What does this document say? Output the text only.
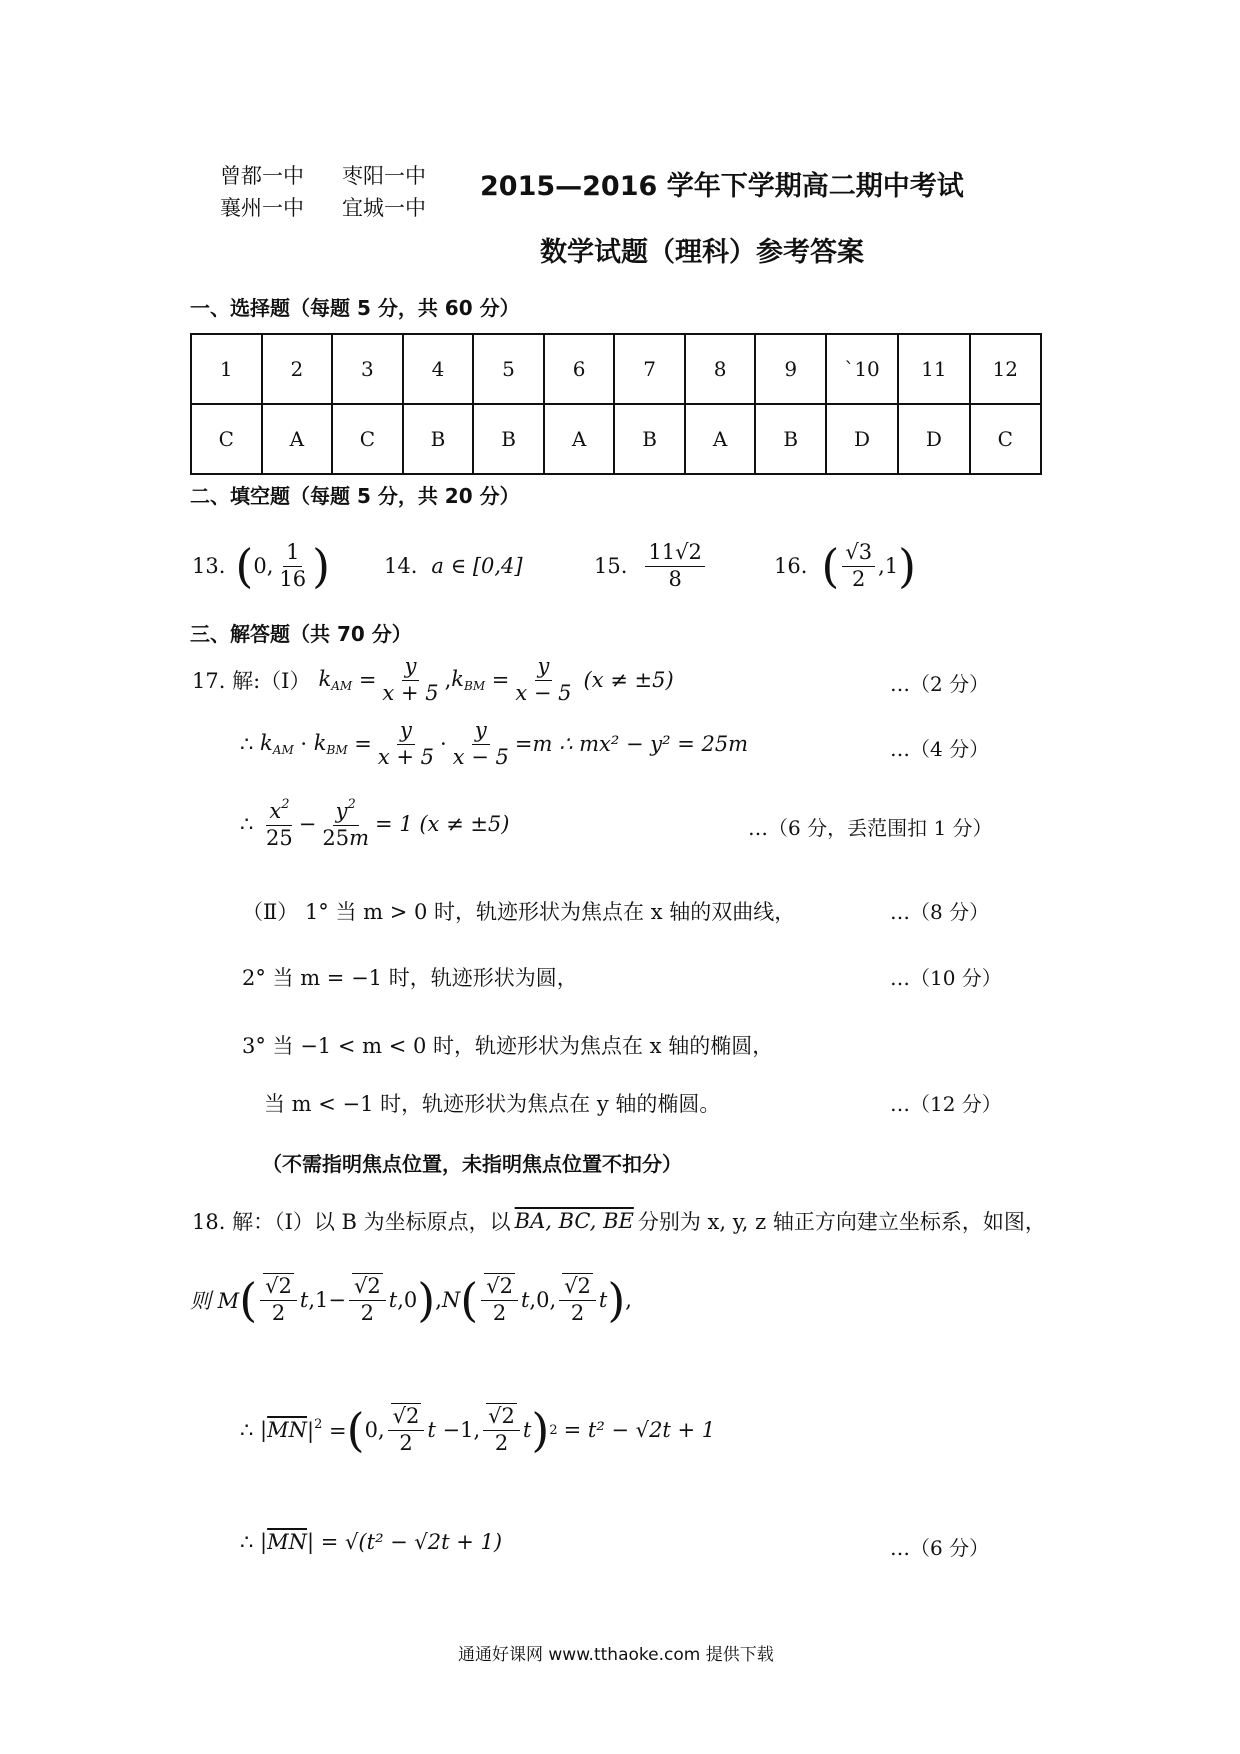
曾都一中 枣阳一中
襄州一中 宜城一中
2015—2016 学年下学期高二期中考试
数学试题（理科）参考答案
一、选择题（每题 5 分，共 60 分）
1	2	3	4	5	6	7	8	9	`10	11	12
C	A	C	B	B	A	B	A	B	D	D	C
二、填空题（每题 5 分，共 20 分）
13. ( 0, $\frac{1}{16}$ )	14. a ∈ [0,4]	15. $\frac{11√2}{8}$	16. ( $\frac{√3}{2} ,1$ )
三、解答题（共 70 分）
17. 解:（Ⅰ） $k_{AM} = \frac{y}{x + 5}$ , $k_{BM} = \frac{y}{x - 5} (x \ne \pm 5)$	…（2 分）
∴ $k_{AM} \cdot k_{BM} = \frac{y}{x + 5} \cdot \frac{y}{x - 5} =m$ ∴ mx² − y² = 25m	…（4 分）
∴ $\frac{x^2}{25} - \frac{y^2}{25m} = 1$ (x ≠ ±5)	…（6 分，丢范围扣 1 分）
（Ⅱ） 1° 当 m > 0 时，轨迹形状为焦点在 x 轴的双曲线，	…（8 分）
2° 当 m = −1 时，轨迹形状为圆，	…（10 分）
3° 当 −1 < m < 0 时，轨迹形状为焦点在 x 轴的椭圆，
当 m < −1 时，轨迹形状为焦点在 y 轴的椭圆。	…（12 分）
（不需指明焦点位置，未指明焦点位置不扣分）
18. 解：（Ⅰ）以 B 为坐标原点，以 BA, BC, BE 分别为 x, y, z 轴正方向建立坐标系，如图，
则 M ( $\frac{√2}{2}$ t $,1- \frac{√2}{2}$ t ,0 ) , N ( $\frac{√2}{2}$ t ,0, $\frac{√2}{2}$ t ) ,
∴ | $\overline{MN}$ $|^2$ = ( 0, $\frac{√2}{2}$ t −1, $\frac{√2}{2}$ t ) 2 = t² − √2t + 1
∴ | $\overline{MN}$ | = √(t² − √2t + 1)	…（6 分）
通通好课网 www.tthaoke.com 提供下载
